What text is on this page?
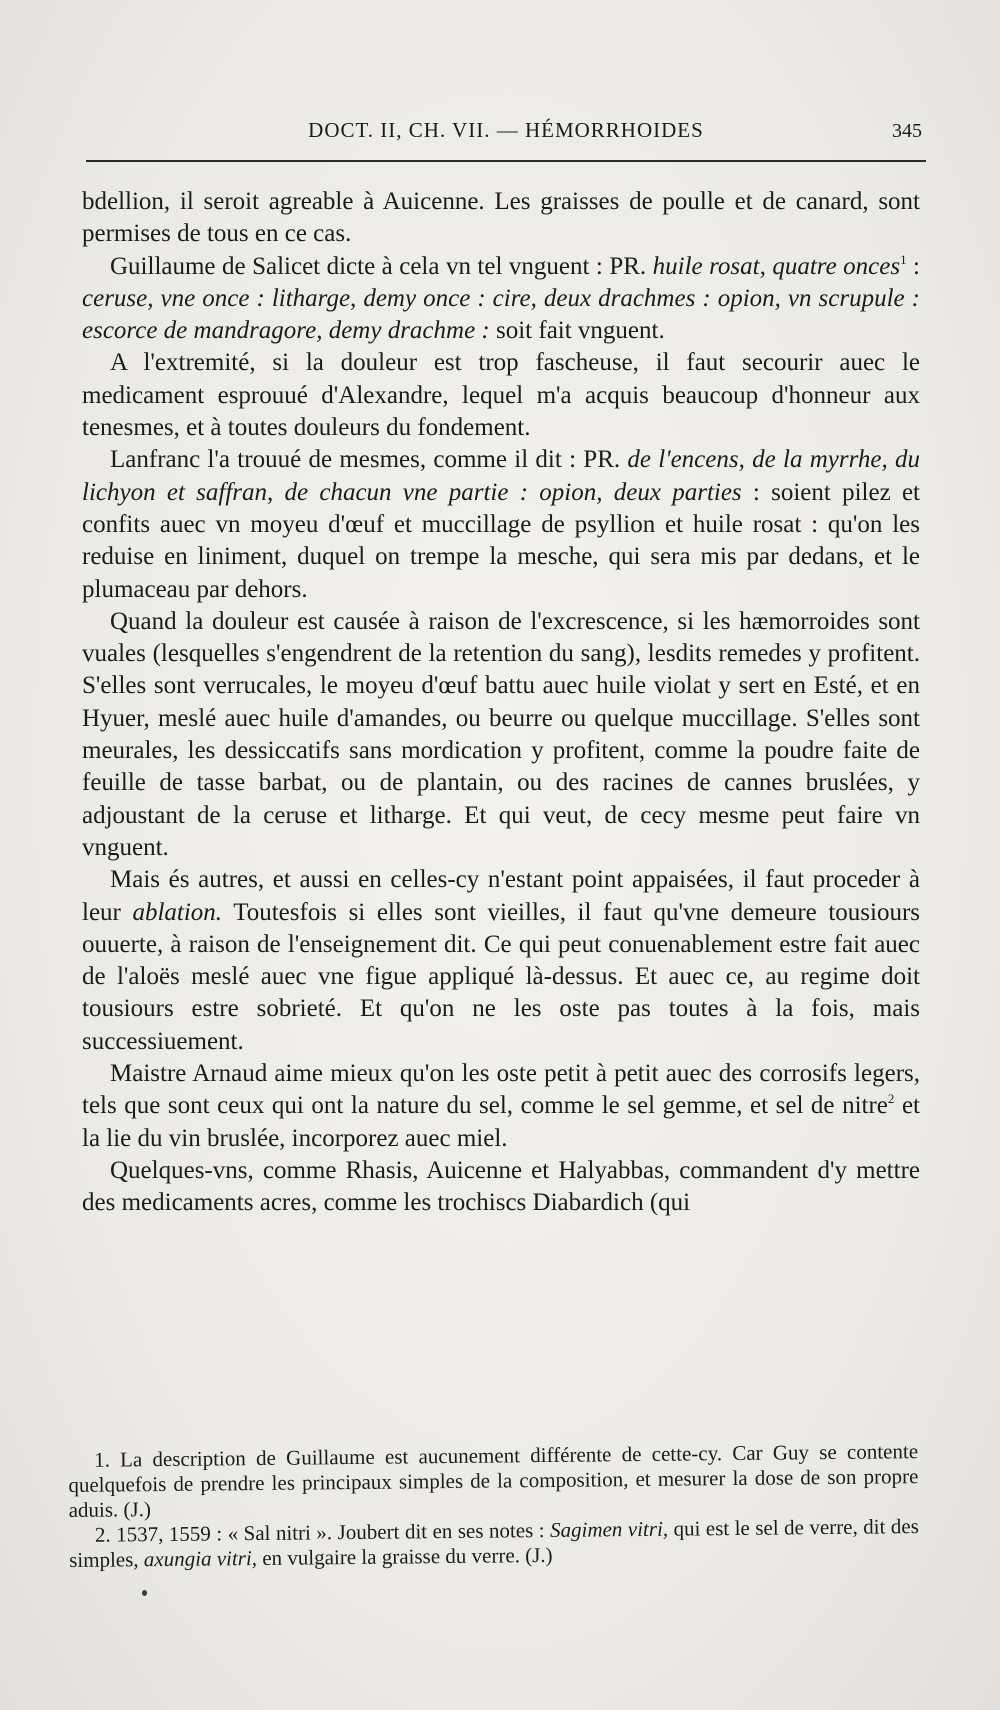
DOCT. II, CH. VII. — HÉMORRHOIDES	345

bdellion, il seroit agreable à Auicenne. Les graisses de poulle et de canard, sont permises de tous en ce cas.

Guillaume de Salicet dicte à cela vn tel vnguent : PR. huile rosat, quatre onces$^1$ : ceruse, vne once : litharge, demy once : cire, deux drachmes : opion, vn scrupule : escorce de mandragore, demy drachme : soit fait vnguent.

A l'extremité, si la douleur est trop fascheuse, il faut secourir auec le medicament esprouué d'Alexandre, lequel m'a acquis beaucoup d'honneur aux tenesmes, et à toutes douleurs du fondement.

Lanfranc l'a trouué de mesmes, comme il dit : PR. de l'encens, de la myrrhe, du lichyon et saffran, de chacun vne partie : opion, deux parties : soient pilez et confits auec vn moyeu d'œuf et muccillage de psyllion et huile rosat : qu'on les reduise en liniment, duquel on trempe la mesche, qui sera mis par dedans, et le plumaceau par dehors.

Quand la douleur est causée à raison de l'excrescence, si les hæmorroides sont vuales (lesquelles s'engendrent de la retention du sang), lesdits remedes y profitent. S'elles sont verrucales, le moyeu d'œuf battu auec huile violat y sert en Esté, et en Hyuer, meslé auec huile d'amandes, ou beurre ou quelque muccillage. S'elles sont meurales, les dessiccatifs sans mordication y profitent, comme la poudre faite de feuille de tasse barbat, ou de plantain, ou des racines de cannes bruslées, y adjoustant de la ceruse et litharge. Et qui veut, de cecy mesme peut faire vn vnguent.

Mais és autres, et aussi en celles-cy n'estant point appaisées, il faut proceder à leur ablation. Toutesfois si elles sont vieilles, il faut qu'vne demeure tousiours ouuerte, à raison de l'enseignement dit. Ce qui peut conuenablement estre fait auec de l'aloës meslé auec vne figue appliqué là-dessus. Et auec ce, au regime doit tousiours estre sobrieté. Et qu'on ne les oste pas toutes à la fois, mais successiuement.

Maistre Arnaud aime mieux qu'on les oste petit à petit auec des corrosifs legers, tels que sont ceux qui ont la nature du sel, comme le sel gemme, et sel de nitre$^2$ et la lie du vin bruslée, incorporez auec miel.

Quelques-vns, comme Rhasis, Auicenne et Halyabbas, commandent d'y mettre des medicaments acres, comme les trochiscs Diabardich (qui

1. La description de Guillaume est aucunement différente de cette-cy. Car Guy se contente quelquefois de prendre les principaux simples de la composition, et mesurer la dose de son propre aduis. (J.)

2. 1537, 1559 : « Sal nitri ». Joubert dit en ses notes : Sagimen vitri, qui est le sel de verre, dit des simples, axungia vitri, en vulgaire la graisse du verre. (J.)
